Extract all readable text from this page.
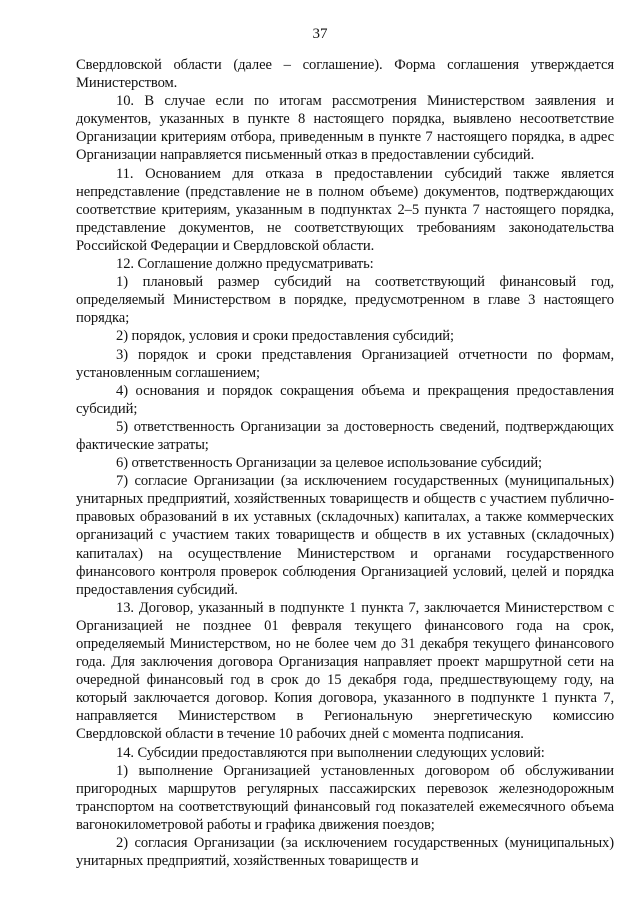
37

Свердловской области (далее – соглашение). Форма соглашения утверждается Министерством.

10. В случае если по итогам рассмотрения Министерством заявления и документов, указанных в пункте 8 настоящего порядка, выявлено несоответствие Организации критериям отбора, приведенным в пункте 7 настоящего порядка, в адрес Организации направляется письменный отказ в предоставлении субсидий.

11. Основанием для отказа в предоставлении субсидий также является непредставление (представление не в полном объеме) документов, подтверждающих соответствие критериям, указанным в подпунктах 2–5 пункта 7 настоящего порядка, представление документов, не соответствующих требованиям законодательства Российской Федерации и Свердловской области.

12. Соглашение должно предусматривать:

1) плановый размер субсидий на соответствующий финансовый год, определяемый Министерством в порядке, предусмотренном в главе 3 настоящего порядка;

2) порядок, условия и сроки предоставления субсидий;

3) порядок и сроки представления Организацией отчетности по формам, установленным соглашением;

4) основания и порядок сокращения объема и прекращения предоставления субсидий;

5) ответственность Организации за достоверность сведений, подтверждающих фактические затраты;

6) ответственность Организации за целевое использование субсидий;

7) согласие Организации (за исключением государственных (муниципальных) унитарных предприятий, хозяйственных товариществ и обществ с участием публично-правовых образований в их уставных (складочных) капиталах, а также коммерческих организаций с участием таких товариществ и обществ в их уставных (складочных) капиталах) на осуществление Министерством и органами государственного финансового контроля проверок соблюдения Организацией условий, целей и порядка предоставления субсидий.

13. Договор, указанный в подпункте 1 пункта 7, заключается Министерством с Организацией не позднее 01 февраля текущего финансового года на срок, определяемый Министерством, но не более чем до 31 декабря текущего финансового года. Для заключения договора Организация направляет проект маршрутной сети на очередной финансовый год в срок до 15 декабря года, предшествующему году, на который заключается договор. Копия договора, указанного в подпункте 1 пункта 7, направляется Министерством в Региональную энергетическую комиссию Свердловской области в течение 10 рабочих дней с момента подписания.

14. Субсидии предоставляются при выполнении следующих условий:

1) выполнение Организацией установленных договором об обслуживании пригородных маршрутов регулярных пассажирских перевозок железнодорожным транспортом на соответствующий финансовый год показателей ежемесячного объема вагонокилометровой работы и графика движения поездов;

2) согласия Организации (за исключением государственных (муниципальных) унитарных предприятий, хозяйственных товариществ и
